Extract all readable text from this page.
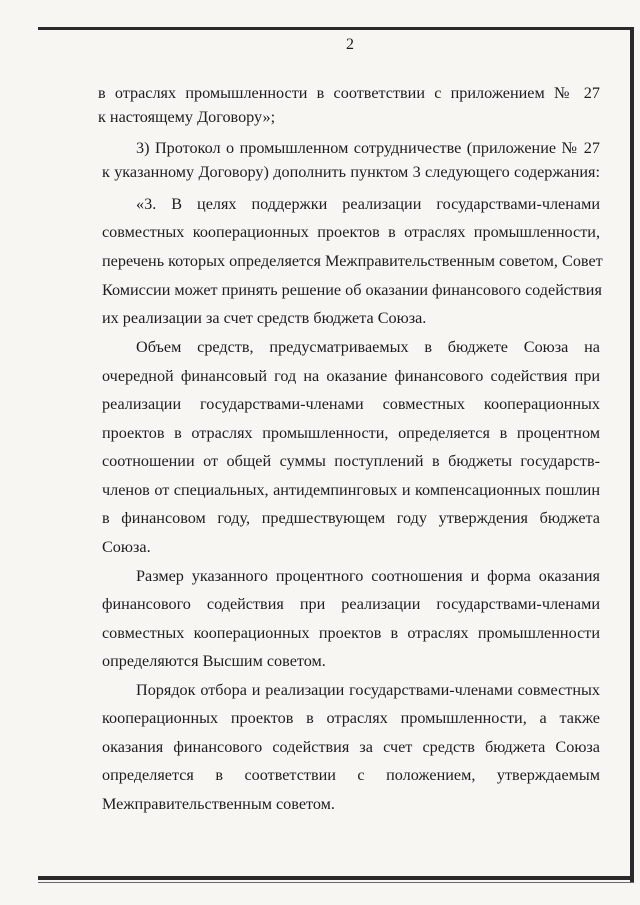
2
в отраслях промышленности в соответствии с приложением № 27
к настоящему Договору»;
3) Протокол о промышленном сотрудничестве (приложение № 27
к указанному Договору) дополнить пунктом 3 следующего содержания:
«3. В целях поддержки реализации государствами-членами
совместных кооперационных проектов в отраслях промышленности,
перечень которых определяется Межправительственным советом, Совет
Комиссии может принять решение об оказании финансового содействия
их реализации за счет средств бюджета Союза.
Объем средств, предусматриваемых в бюджете Союза на
очередной финансовый год на оказание финансового содействия при
реализации государствами-членами совместных кооперационных
проектов в отраслях промышленности, определяется в процентном
соотношении от общей суммы поступлений в бюджеты государств-
членов от специальных, антидемпинговых и компенсационных пошлин
в финансовом году, предшествующем году утверждения бюджета
Союза.
Размер указанного процентного соотношения и форма оказания
финансового содействия при реализации государствами-членами
совместных кооперационных проектов в отраслях промышленности
определяются Высшим советом.
Порядок отбора и реализации государствами-членами совместных
кооперационных проектов в отраслях промышленности, а также
оказания финансового содействия за счет средств бюджета Союза
определяется в соответствии с положением, утверждаемым
Межправительственным советом.
